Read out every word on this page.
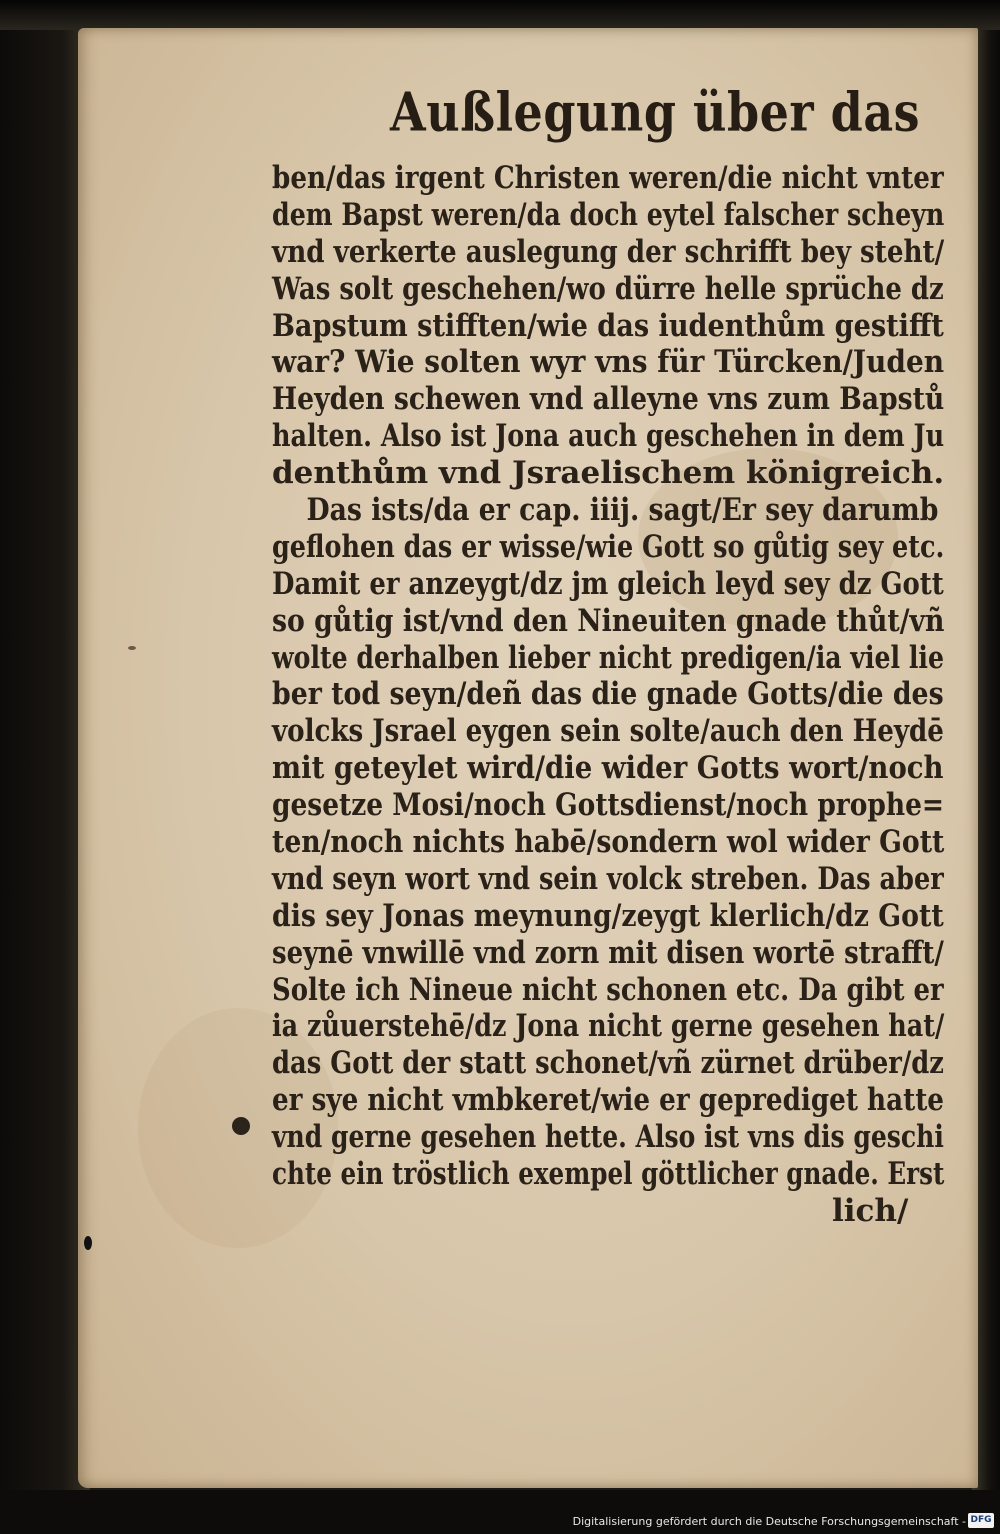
Außlegung über das
ben/das irgent Christen weren/die nicht vnter
dem Bapst weren/da doch eytel falscher scheyn
vnd verkerte auslegung der schrifft bey steht/
Was solt geschehen/wo dürre helle sprüche dz
Bapstum stifften/wie das iudenthům gestifft
war? Wie solten wyr vns für Türcken/Juden
Heyden schewen vnd alleyne vns zum Bapstů
halten. Also ist Jona auch geschehen in dem Ju
denthům vnd Jsraelischem königreich.
Das ists/da er cap. iiij. sagt/Er sey darumb
geflohen das er wisse/wie Gott so gůtig sey etc.
Damit er anzeygt/dz jm gleich leyd sey dz Gott
so gůtig ist/vnd den Nineuiten gnade thůt/vñ
wolte derhalben lieber nicht predigen/ia viel lie
ber tod seyn/deñ das die gnade Gotts/die des
volcks Jsrael eygen sein solte/auch den Heydē
mit geteylet wird/die wider Gotts wort/noch
gesetze Mosi/noch Gottsdienst/noch prophe=
ten/noch nichts habē/sondern wol wider Gott
vnd seyn wort vnd sein volck streben. Das aber
dis sey Jonas meynung/zeygt klerlich/dz Gott
seynē vnwillē vnd zorn mit disen wortē strafft/
Solte ich Nineue nicht schonen etc. Da gibt er
ia zůuerstehē/dz Jona nicht gerne gesehen hat/
das Gott der statt schonet/vñ zürnet drüber/dz
er sye nicht vmbkeret/wie er geprediget hatte
vnd gerne gesehen hette. Also ist vns dis geschi
chte ein tröstlich exempel göttlicher gnade. Erst
lich/
Digitalisierung gefördert durch die Deutsche Forschungsgemeinschaft - DFG
